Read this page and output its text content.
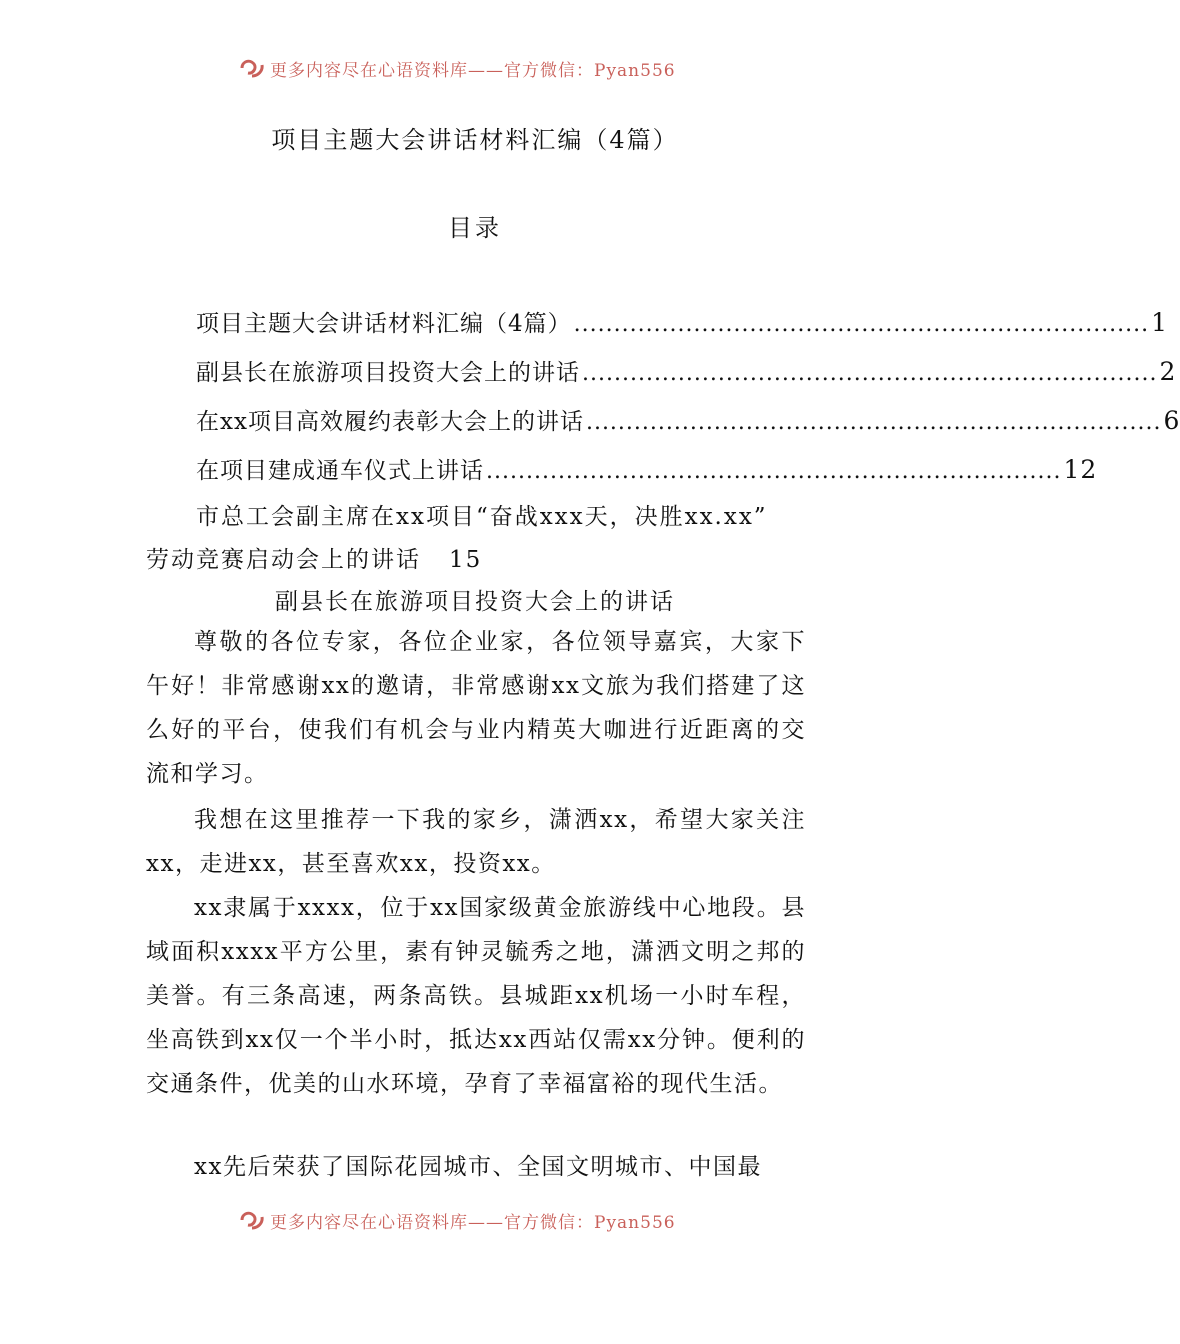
更多内容尽在心语资料库——官方微信：Pyan556
项目主题大会讲话材料汇编（4篇）
目录
项目主题大会讲话材料汇编（4篇） ........................................................................ 1
副县长在旅游项目投资大会上的讲话 ........................................................................ 2
在xx项目高效履约表彰大会上的讲话 ........................................................................ 6
在项目建成通车仪式上讲话 ........................................................................ 12
市总工会副主席在xx项目“奋战xxx天，决胜xx.xx”
劳动竞赛启动会上的讲话 15
副县长在旅游项目投资大会上的讲话
尊敬的各位专家，各位企业家，各位领导嘉宾，大家下午好！非常感谢xx的邀请，非常感谢xx文旅为我们搭建了这么好的平台，使我们有机会与业内精英大咖进行近距离的交流和学习。
我想在这里推荐一下我的家乡，潇洒xx，希望大家关注xx，走进xx，甚至喜欢xx，投资xx。
xx隶属于xxxx，位于xx国家级黄金旅游线中心地段。县域面积xxxx平方公里，素有钟灵毓秀之地，潇洒文明之邦的美誉。有三条高速，两条高铁。县城距xx机场一小时车程，坐高铁到xx仅一个半小时，抵达xx西站仅需xx分钟。便利的交通条件，优美的山水环境，孕育了幸福富裕的现代生活。
xx先后荣获了国际花园城市、全国文明城市、中国最
更多内容尽在心语资料库——官方微信：Pyan556
